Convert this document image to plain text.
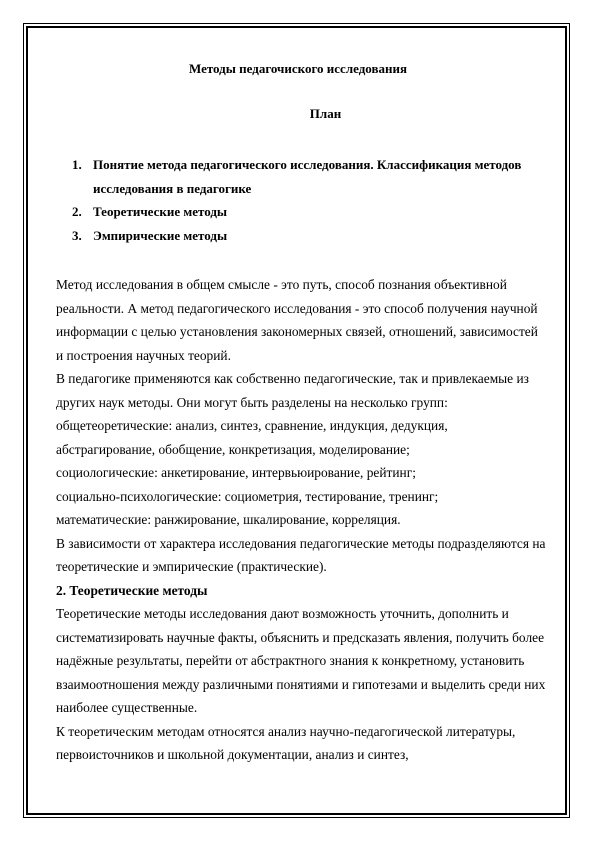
Методы педагочиского исследования
План
1. Понятие метода педагогического исследования. Классификация методов исследования в педагогике
2. Теоретические методы
3. Эмпирические методы

Метод исследования в общем смысле - это путь, способ познания объективной реальности. А метод педагогического исследования - это способ получения научной информации с целью установления закономерных связей, отношений, зависимостей и построения научных теорий.

В педагогике применяются как собственно педагогические, так и привлекаемые из других наук методы. Они могут быть разделены на несколько групп:

общетеоретические: анализ, синтез, сравнение, индукция, дедукция, абстрагирование, обобщение, конкретизация, моделирование;

социологические: анкетирование, интервьюирование, рейтинг;

социально-психологические: социометрия, тестирование, тренинг;

математические: ранжирование, шкалирование, корреляция.

В зависимости от характера исследования педагогические методы подразделяются на теоретические и эмпирические (практические).

2. Теоретические методы

Теоретические методы исследования дают возможность уточнить, дополнить и систематизировать научные факты, объяснить и предсказать явления, получить более надёжные результаты, перейти от абстрактного знания к конкретному, установить взаимоотношения между различными понятиями и гипотезами и выделить среди них наиболее существенные.

К теоретическим методам относятся анализ научно-педагогической литературы, первоисточников и школьной документации, анализ и синтез,
